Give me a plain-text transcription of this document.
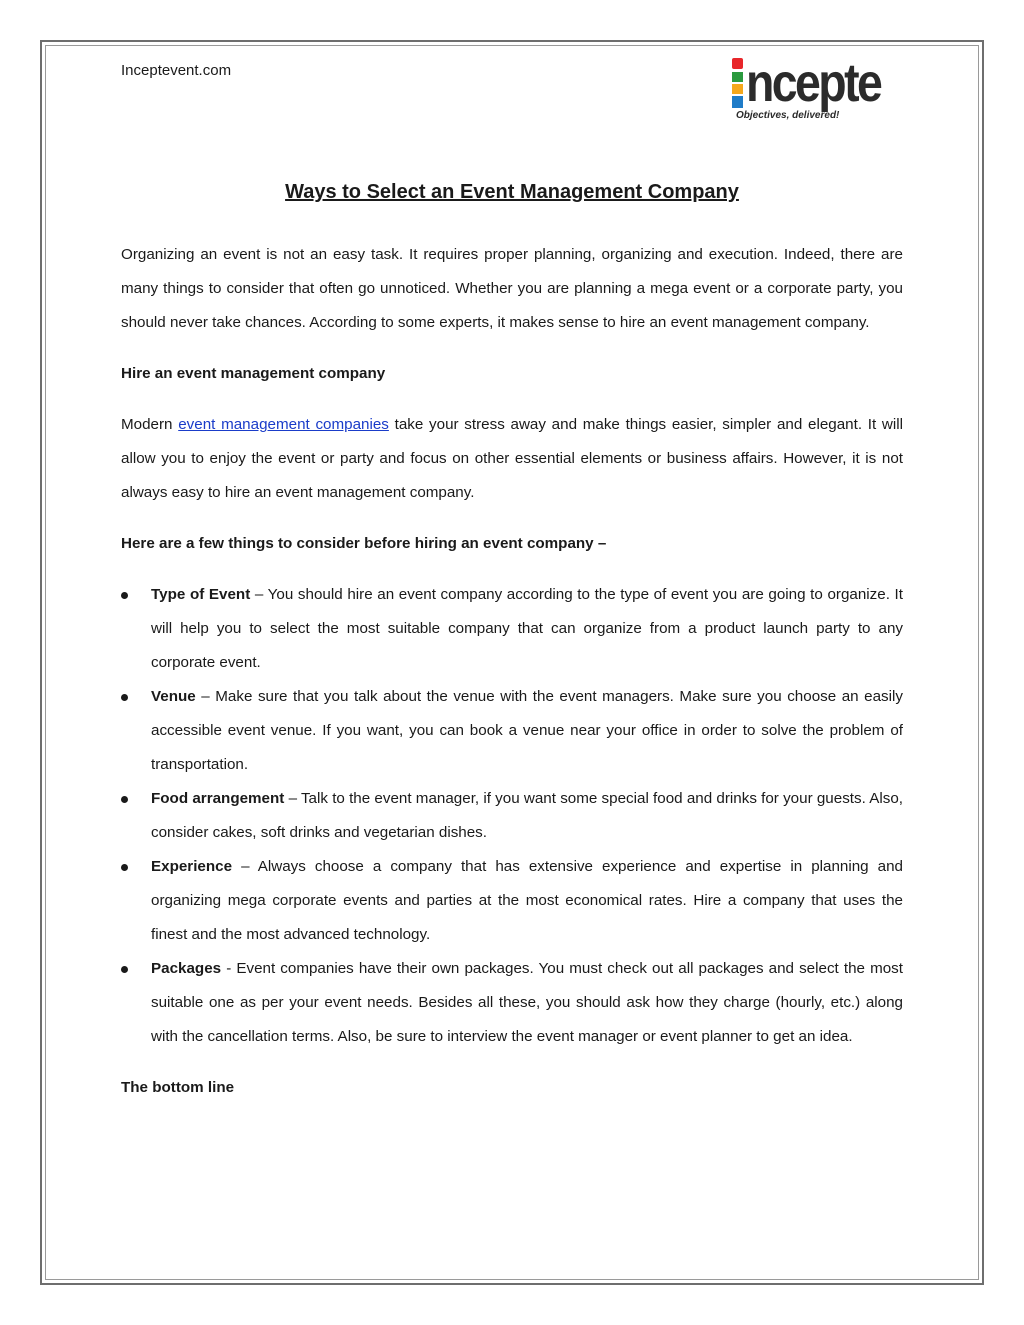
Inceptevent.com	ncepte
Objectives, delivered!
Ways to Select an Event Management Company

Organizing an event is not an easy task. It requires proper planning, organizing and execution. Indeed, there are many things to consider that often go unnoticed. Whether you are planning a mega event or a corporate party, you should never take chances. According to some experts, it makes sense to hire an event management company.

Hire an event management company

Modern event management companies take your stress away and make things easier, simpler and elegant. It will allow you to enjoy the event or party and focus on other essential elements or business affairs. However, it is not always easy to hire an event management company.

Here are a few things to consider before hiring an event company –

Type of Event – You should hire an event company according to the type of event you are going to organize. It will help you to select the most suitable company that can organize from a product launch party to any corporate event.
Venue – Make sure that you talk about the venue with the event managers. Make sure you choose an easily accessible event venue. If you want, you can book a venue near your office in order to solve the problem of transportation.
Food arrangement – Talk to the event manager, if you want some special food and drinks for your guests. Also, consider cakes, soft drinks and vegetarian dishes.
Experience – Always choose a company that has extensive experience and expertise in planning and organizing mega corporate events and parties at the most economical rates. Hire a company that uses the finest and the most advanced technology.
Packages - Event companies have their own packages. You must check out all packages and select the most suitable one as per your event needs. Besides all these, you should ask how they charge (hourly, etc.) along with the cancellation terms. Also, be sure to interview the event manager or event planner to get an idea.

The bottom line
